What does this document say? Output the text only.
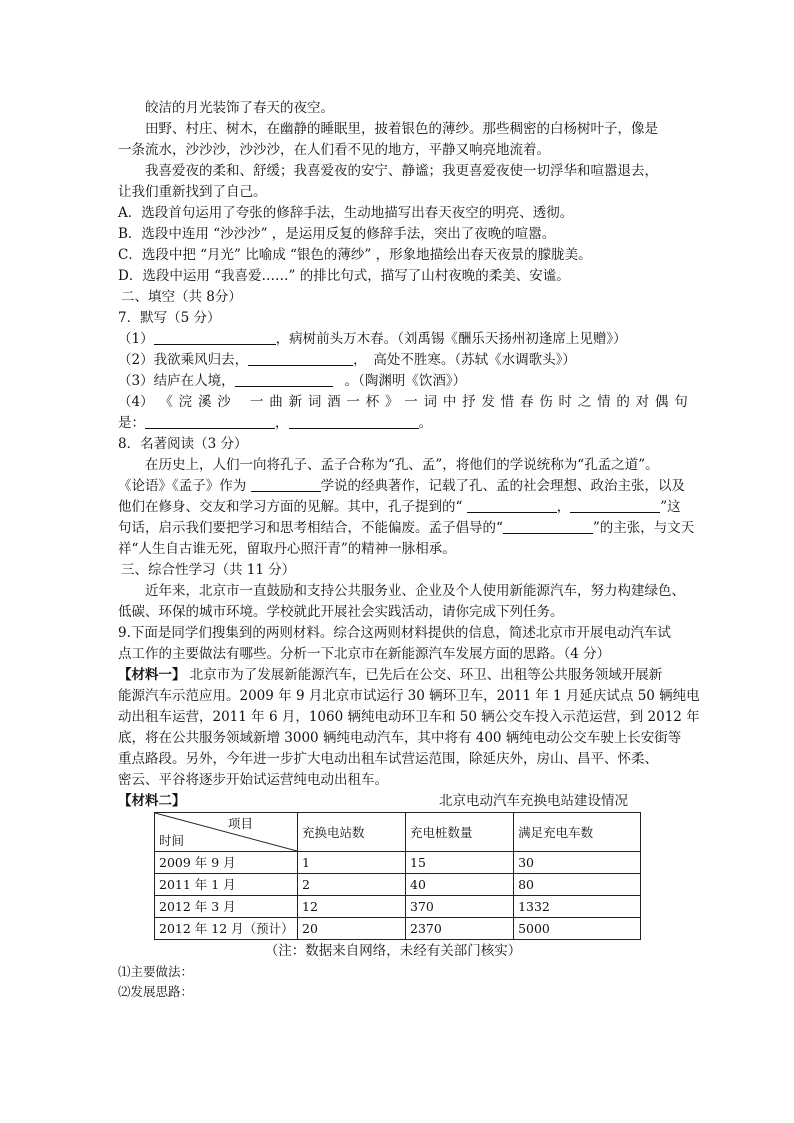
皎洁的月光装饰了春天的夜空。
田野、村庄、树木，在幽静的睡眠里，披着银色的薄纱。那些稠密的白杨树叶子，像是
一条流水，沙沙沙，沙沙沙，在人们看不见的地方，平静又响亮地流着。
我喜爱夜的柔和、舒缓；我喜爱夜的安宁、静谧；我更喜爱夜使一切浮华和喧嚣退去，
让我们重新找到了自己。
A．选段首句运用了夸张的修辞手法，生动地描写出春天夜空的明亮、透彻。
B．选段中连用 “沙沙沙” ，是运用反复的修辞手法，突出了夜晚的喧嚣。
C．选段中把 “月光” 比喻成 “银色的薄纱” ，形象地描绘出春天夜景的朦胧美。
D．选段中运用 “我喜爱……” 的排比句式，描写了山村夜晚的柔美、安谧。
二、填空（共 8分）
7．默写（5 分）
（1）	，病树前头万木春。（刘禹锡《酬乐天扬州初逢席上见赠》）
（2）我欲乘风归去，	，　高处不胜寒。（苏轼《水调歌头》）
（3）结庐在人境，	。（陶渊明《饮酒》）
（4） 《 浣 溪 沙 　一 曲 新 词 酒 一 杯 》 一 词 中 抒 发 惜 春 伤 时 之 情 的 对 偶 句
是：	，	。
8．名著阅读（3 分）
在历史上，人们一向将孔子、孟子合称为“孔、孟”，将他们的学说统称为“孔孟之道”。
《论语》《孟子》作为	学说的经典著作，记载了孔、孟的社会理想、政治主张，以及
他们在修身、交友和学习方面的见解。其中，孔子提到的“	，	”这
句话，启示我们要把学习和思考相结合，不能偏废。孟子倡导的“	”的主张，与文天
祥“人生自古谁无死，留取丹心照汗青”的精神一脉相承。
三、综合性学习（共 11 分）
近年来，北京市一直鼓励和支持公共服务业、企业及个人使用新能源汽车，努力构建绿色、
低碳、环保的城市环境。学校就此开展社会实践活动，请你完成下列任务。
9.下面是同学们搜集到的两则材料。综合这两则材料提供的信息，简述北京市开展电动汽车试
点工作的主要做法有哪些。分析一下北京市在新能源汽车发展方面的思路。（4 分）
【材料一】 北京市为了发展新能源汽车，已先后在公交、环卫、出租等公共服务领域开展新
能源汽车示范应用。2009 年 9 月北京市试运行 30 辆环卫车，2011 年 1 月延庆试点 50 辆纯电
动出租车运营，2011 年 6 月，1060 辆纯电动环卫车和 50 辆公交车投入示范运营，到 2012 年
底，将在公共服务领域新增 3000 辆纯电动汽车，其中将有 400 辆纯电动公交车驶上长安街等
重点路段。另外，今年进一步扩大电动出租车试营运范围，除延庆外，房山、昌平、怀柔、
密云、平谷将逐步开始试运营纯电动出租车。
【材料二】	北京电动汽车充换电站建设情况
项目
时间	充换电站数	充电桩数量	满足充电车数
2009 年 9 月	1	15	30
2011 年 1 月	2	40	80
2012 年 3 月	12	370	1332
2012 年 12 月（预计）	20	2370	5000
（注：数据来自网络，未经有关部门核实）
⑴主要做法：
⑵发展思路：
